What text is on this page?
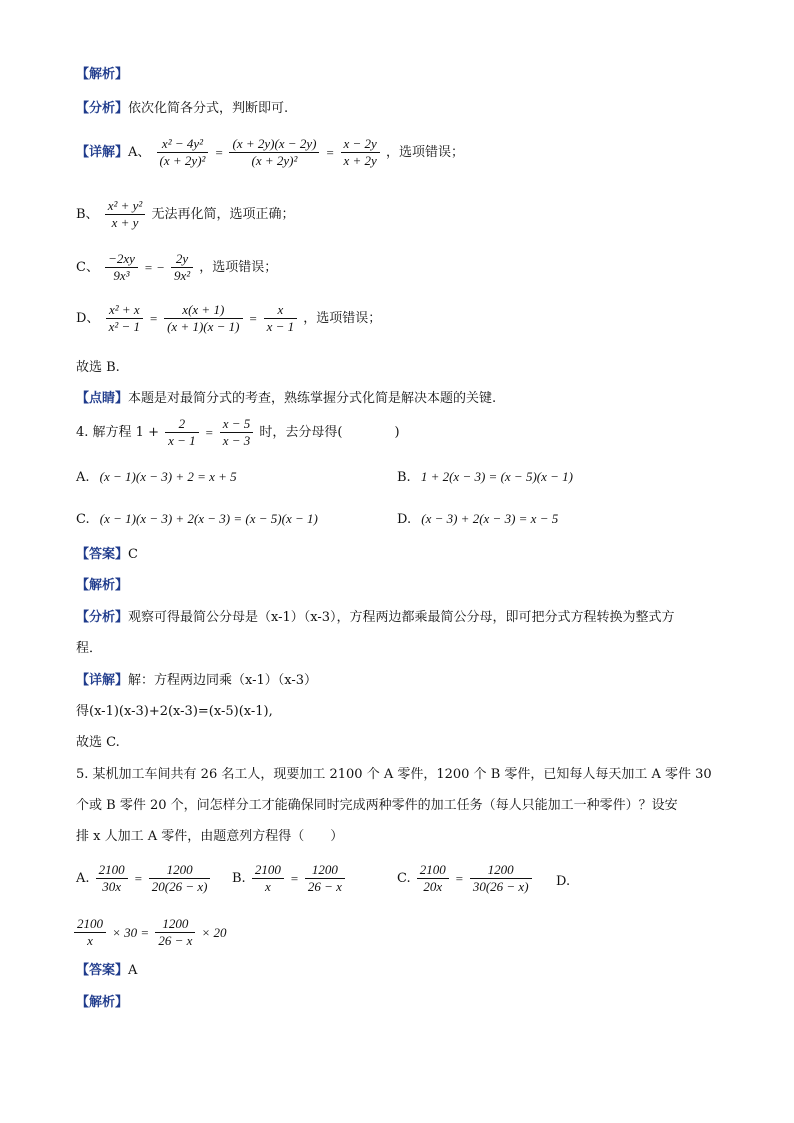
【解析】
【分析】依次化简各分式，判断即可.
【详解】A、 $\frac{\text{x² − 4y²}}{\text{(x + 2y)²}} = \frac{(x + 2y)(x - 2y)}{\text{(x + 2y)²}} = \frac{x - 2y}{x + 2y}$ ，选项错误；
B、 $\frac{\text{x² + y²}}{x + y}$ 无法再化简，选项正确；
C、 $\frac{-2xy}{\text{9x³}}$ = − $\frac{2y}{\text{9x²}}$ ，选项错误；
D、 $\frac{\text{x² + x}}{\text{x² − 1}} = \frac{x(x + 1)}{(x + 1)(x - 1)} = \frac{x}{x - 1}$ ，选项错误；
故选 B.
【点睛】本题是对最简分式的考查，熟练掌握分式化简是解决本题的关键.
4. 解方程 $1 + \frac{2}{x - 1} = \frac{x - 5}{x - 3}$ 时，去分母得(　　　　)
A. (x − 1)(x − 3) + 2 = x + 5	B. 1 + 2(x − 3) = (x − 5)(x − 1)
C. (x − 1)(x − 3) + 2(x − 3) = (x − 5)(x − 1)	D. (x − 3) + 2(x − 3) = x − 5
【答案】C
【解析】
【分析】观察可得最简公分母是（x-1）（x-3），方程两边都乘最简公分母，即可把分式方程转换为整式方
程．
【详解】解：方程两边同乘（x-1）（x-3）
得(x-1)(x-3)+2(x-3)=(x-5)(x-1),
故选 C.
5. 某机加工车间共有 26 名工人，现要加工 2100 个 A 零件，1200 个 B 零件，已知每人每天加工 A 零件 30
个或 B 零件 20 个，问怎样分工才能确保同时完成两种零件的加工任务（每人只能加工一种零件）？设安
排 x 人加工 A 零件，由题意列方程得（　　）
A. $\frac{2100}{30x} = \frac{1200}{20(26 - x)} B$. $\frac{2100}{x} = \frac{1200}{26 - x}$	C. $\frac{2100}{20x} = \frac{1200}{30(26 - x)} D$.
$\frac{2100}{x} \times 30 = \frac{1200}{26 - x} \times 20$
【答案】A
【解析】
